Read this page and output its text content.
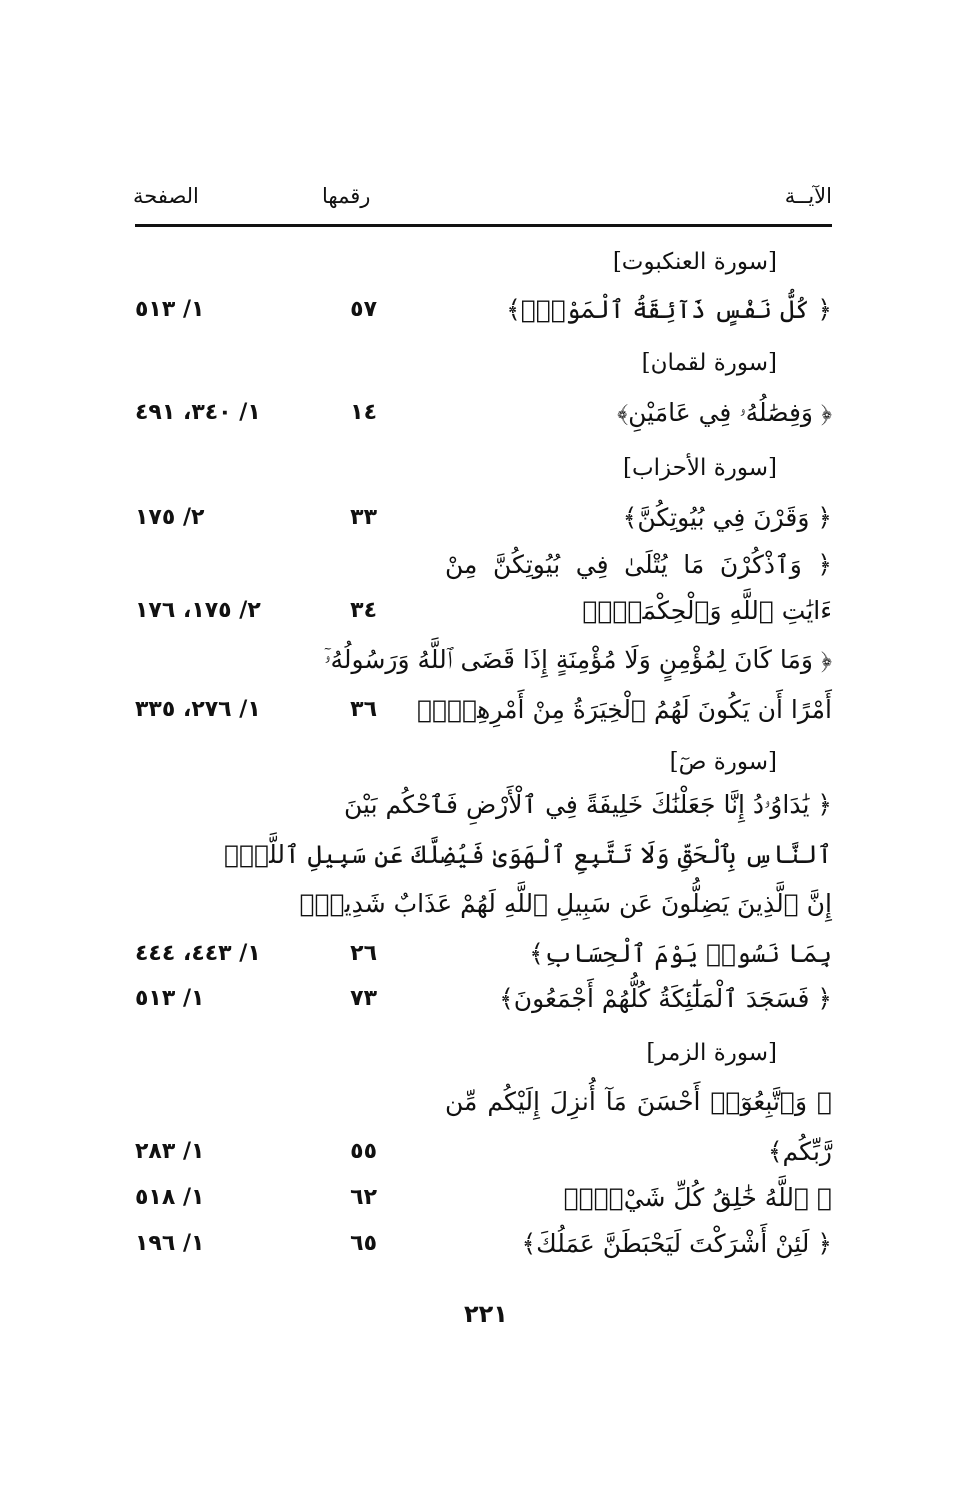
الآيــة
رقمها
الصفحة
[سورة العنكبوت]
﴿ كُلُّ نَفْسٍ ذَآئِقَةُ ٱلْمَوْتِۗ﴾
٥٧
١/ ٥١٣
[سورة لقمان]
﴿ وَفِصَٰلُهُۥ فِي عَامَيْنِ﴾
١٤
١/ ٣٤٠، ٤٩١
[سورة الأحزاب]
﴿ وَقَرْنَ فِي بُيُوتِكُنَّ﴾
٣٣
٢/ ١٧٥
﴿ وَٱذْكُرْنَ مَا يُتْلَىٰ فِي بُيُوتِكُنَّ مِنْ
ءَايَٰتِ ٱللَّهِ وَٱلْحِكْمَةِۚ﴾
٣٤
٢/ ١٧٥، ١٧٦
﴿ وَمَا كَانَ لِمُؤْمِنٍ وَلَا مُؤْمِنَةٍ إِذَا قَضَى ٱللَّهُ وَرَسُولُهُۥٓ
أَمْرًا أَن يَكُونَ لَهُمُ ٱلْخِيَرَةُ مِنْ أَمْرِهِمْۗ﴾
٣٦
١/ ٢٧٦، ٣٣٥
[سورة صٓ]
﴿ يَٰدَاوُۥدُ إِنَّا جَعَلْنَٰكَ خَلِيفَةً فِي ٱلْأَرْضِ فَٱحْكُم بَيْنَ
ٱلنَّاسِ بِٱلْحَقِّ وَلَا تَتَّبِعِ ٱلْهَوَىٰ فَيُضِلَّكَ عَن سَبِيلِ ٱللَّهِۚ
إِنَّ ٱلَّذِينَ يَضِلُّونَ عَن سَبِيلِ ٱللَّهِ لَهُمْ عَذَابٌ شَدِيدٌۢ
بِمَا نَسُوا۟ يَوْمَ ٱلْحِسَابِ﴾
٢٦
١/ ٤٤٣، ٤٤٤
﴿ فَسَجَدَ ٱلْمَلَٰٓئِكَةُ كُلُّهُمْ أَجْمَعُونَ﴾
٧٣
١/ ٥١٣
[سورة الزمر]
﴿ وَٱتَّبِعُوٓا۟ أَحْسَنَ مَآ أُنزِلَ إِلَيْكُم مِّن
رَّبِّكُم﴾
٥٥
١/ ٢٨٣
﴿ ٱللَّهُ خَٰلِقُ كُلِّ شَيْءٍۖ﴾
٦٢
١/ ٥١٨
﴿ لَئِنْ أَشْرَكْتَ لَيَحْبَطَنَّ عَمَلُكَ﴾
٦٥
١/ ١٩٦
٢٢١
